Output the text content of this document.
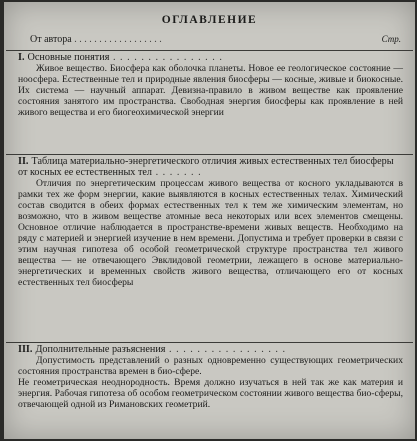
ОГЛАВЛЕНИЕ
От автора . . . . . . . . . . . . . . . . . .	Стр.
I. Основные понятия . . . . . . . . . . . . . . . .

Живое вещество. Биосфера как оболочка планеты. Новое ее геологическое состояние — ноосфера. Естественные тел и природные явления биосферы — косные, живые и биокосные. Их система — научный аппарат. Девизна-правило в живом веществе как проявление состояния занятого им пространства. Свободная энергия биосферы как проявление в ней живого вещества и его биогеохимической энергии

II. Таблица материально-энергетического отличия живых естественных тел биосферы от косных ее естественных тел . . . . . . .

Отличия по энергетическим процессам живого вещества от косного укладываются в рамки тех же форм энергии, какие выявляются в косных естественных телах. Химический состав сводится в обеих формах естественных тел к тем же химическим элементам, но возможно, что в живом веществе атомные веса некоторых или всех элементов смещены. Основное отличие наблюдается в пространстве-времени живых веществ. Необходимо на ряду с материей и энергией изучение в нем времени. Допустима и требует проверки в связи с этим научная гипотеза об особой геометрической структуре пространства тел живого вещества — не отвечающего Эвклидовой геометрии, лежащего в основе материально-энергетических и временных свойств живого вещества, отличающего его от косных естественных тел биосферы

III. Дополнительные разъяснения . . . . . . . . . . . . . . . . .

Допустимость представлений о разных одновременно существующих геометрических состояния пространства времен в био-сфере.

Не геометрическая неоднородность. Время должно изучаться в ней так же как материя и энергия. Рабочая гипотеза об особом геометрическом состоянии живого вещества био-сферы, отвечающей одной из Римановских геометрий.
